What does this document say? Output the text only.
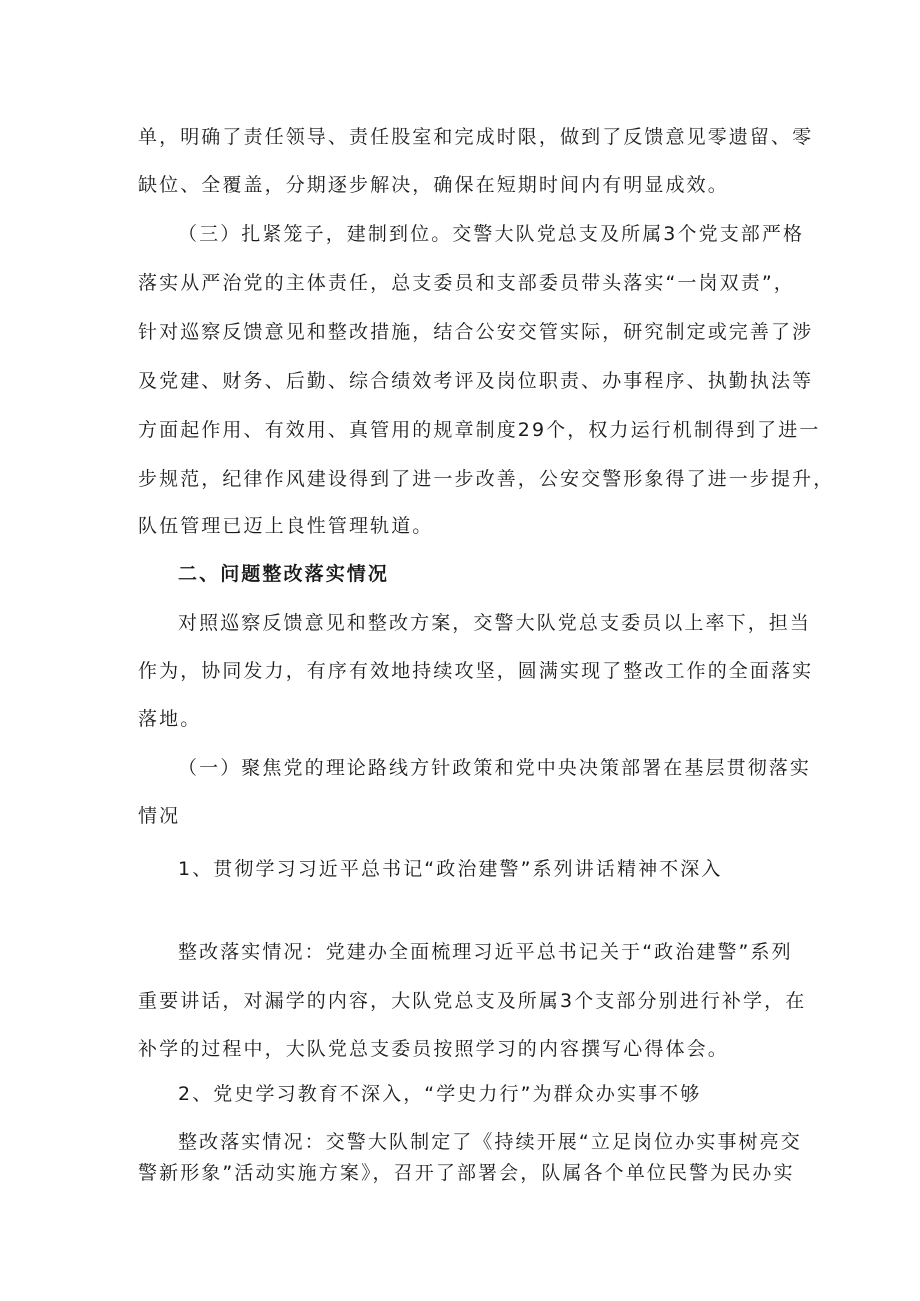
单，明确了责任领导、责任股室和完成时限，做到了反馈意见零遗留、零
缺位、全覆盖，分期逐步解决，确保在短期时间内有明显成效。
（三）扎紧笼子，建制到位。交警大队党总支及所属3个党支部严格
落实从严治党的主体责任，总支委员和支部委员带头落实“一岗双责”，
针对巡察反馈意见和整改措施，结合公安交管实际，研究制定或完善了涉
及党建、财务、后勤、综合绩效考评及岗位职责、办事程序、执勤执法等
方面起作用、有效用、真管用的规章制度29个，权力运行机制得到了进一
步规范，纪律作风建设得到了进一步改善，公安交警形象得了进一步提升，
队伍管理已迈上良性管理轨道。
二、问题整改落实情况
对照巡察反馈意见和整改方案，交警大队党总支委员以上率下，担当
作为，协同发力，有序有效地持续攻坚，圆满实现了整改工作的全面落实
落地。
（一）聚焦党的理论路线方针政策和党中央决策部署在基层贯彻落实
情况
1、贯彻学习习近平总书记“政治建警”系列讲话精神不深入
整改落实情况：党建办全面梳理习近平总书记关于“政治建警”系列
重要讲话，对漏学的内容，大队党总支及所属3个支部分别进行补学，在
补学的过程中，大队党总支委员按照学习的内容撰写心得体会。
2、党史学习教育不深入，“学史力行”为群众办实事不够
整改落实情况：交警大队制定了《持续开展“立足岗位办实事树亮交
警新形象”活动实施方案》，召开了部署会，队属各个单位民警为民办实
